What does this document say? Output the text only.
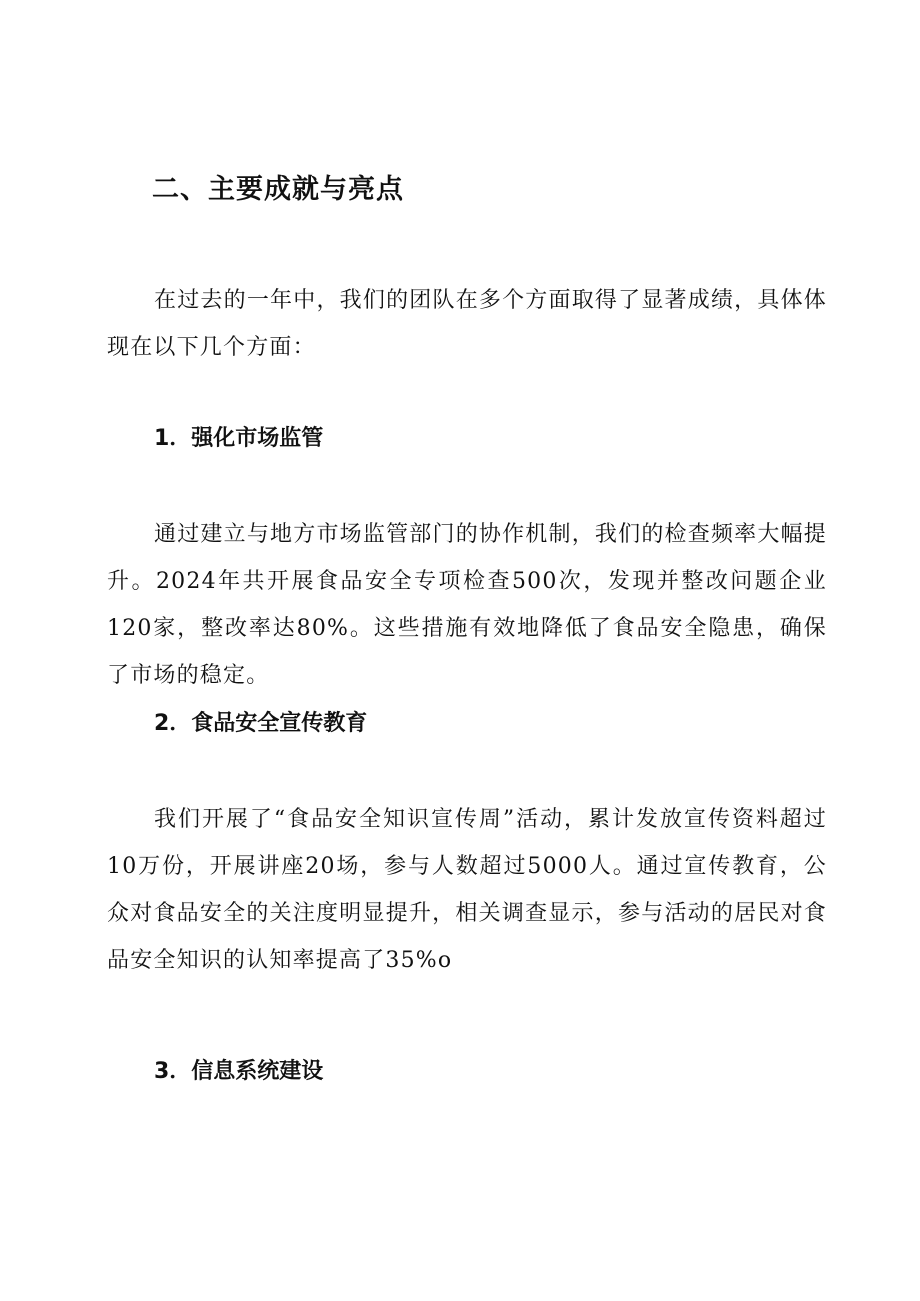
二、主要成就与亮点

在过去的一年中，我们的团队在多个方面取得了显著成绩，具体体现在以下几个方面：

1．强化市场监管

通过建立与地方市场监管部门的协作机制，我们的检查频率大幅提升。2024年共开展食品安全专项检查500次，发现并整改问题企业120家，整改率达80%。这些措施有效地降低了食品安全隐患，确保了市场的稳定。

2．食品安全宣传教育

我们开展了“食品安全知识宣传周”活动，累计发放宣传资料超过10万份，开展讲座20场，参与人数超过5000人。通过宣传教育，公众对食品安全的关注度明显提升，相关调查显示，参与活动的居民对食品安全知识的认知率提高了35%o

3．信息系统建设
